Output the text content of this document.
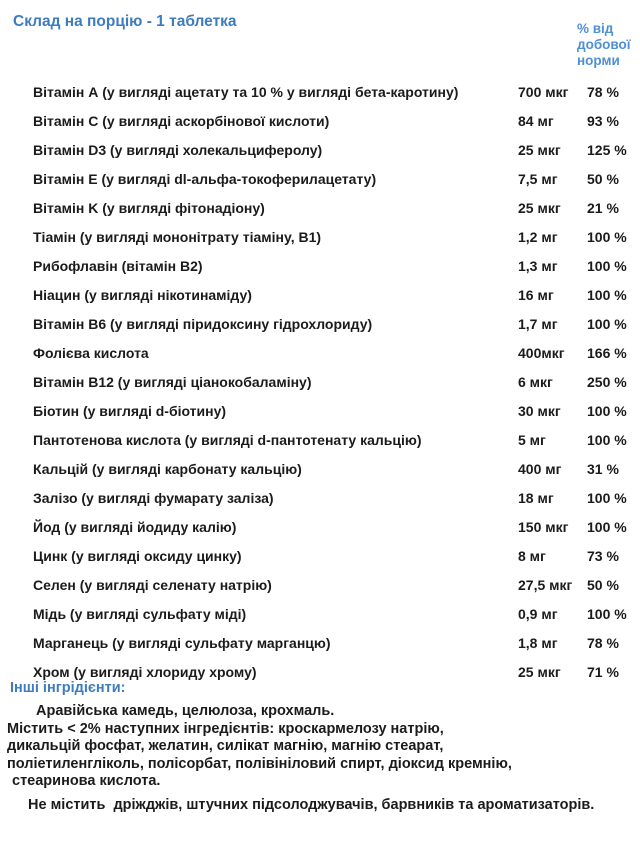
Склад на порцію - 1 таблетка	% від
добової
норми
Вітамін А (у вигляді ацетату та 10 % у вигляді бета-каротину)	700 мкг	78 %
Вітамін C (у вигляді аскорбінової кислоти)	84 мг	93 %
Вітамін D3 (у вигляді холекальциферолу)	25 мкг	125 %
Вітамін E (у вигляді dl-альфа-токоферилацетату)	7,5 мг	50 %
Вітамін K (у вигляді фітонадіону)	25 мкг	21 %
Тіамін (у вигляді мононітрату тіаміну, B1)	1,2 мг	100 %
Рибофлавін (вітамін B2)	1,3 мг	100 %
Ніацин (у вигляді нікотинаміду)	16 мг	100 %
Вітамін B6 (у вигляді піридоксину гідрохлориду)	1,7 мг	100 %
Фолієва кислота	400мкг	166 %
Вітамін B12 (у вигляді ціанокобаламіну)	6 мкг	250 %
Біотин (у вигляді d-біотину)	30 мкг	100 %
Пантотенова кислота (у вигляді d-пантотенату кальцію)	5 мг	100 %
Кальцій (у вигляді карбонату кальцію)	400 мг	31 %
Залізо (у вигляді фумарату заліза)	18 мг	100 %
Йод (у вигляді йодиду калію)	150 мкг	100 %
Цинк (у вигляді оксиду цинку)	8 мг	73 %
Селен (у вигляді селенату натрію)	27,5 мкг	50 %
Мідь (у вигляді сульфату міді)	0,9 мг	100 %
Марганець (у вигляді сульфату марганцю)	1,8 мг	78 %
Хром (у вигляді хлориду хрому)	25 мкг	71 %
Інші інгрідієнти:
Аравійська камедь, целюлоза, крохмаль.
Містить < 2% наступних інгредієнтів: кроскармелозу натрію,
дикальцій фосфат, желатин, силікат магнію, магнію стеарат,
поліетиленгліколь, полісорбат, полівініловий спирт, діоксид кремнію,
стеаринова кислота.
Не містить  дріжджів, штучних підсолоджувачів, барвників та ароматизаторів.
